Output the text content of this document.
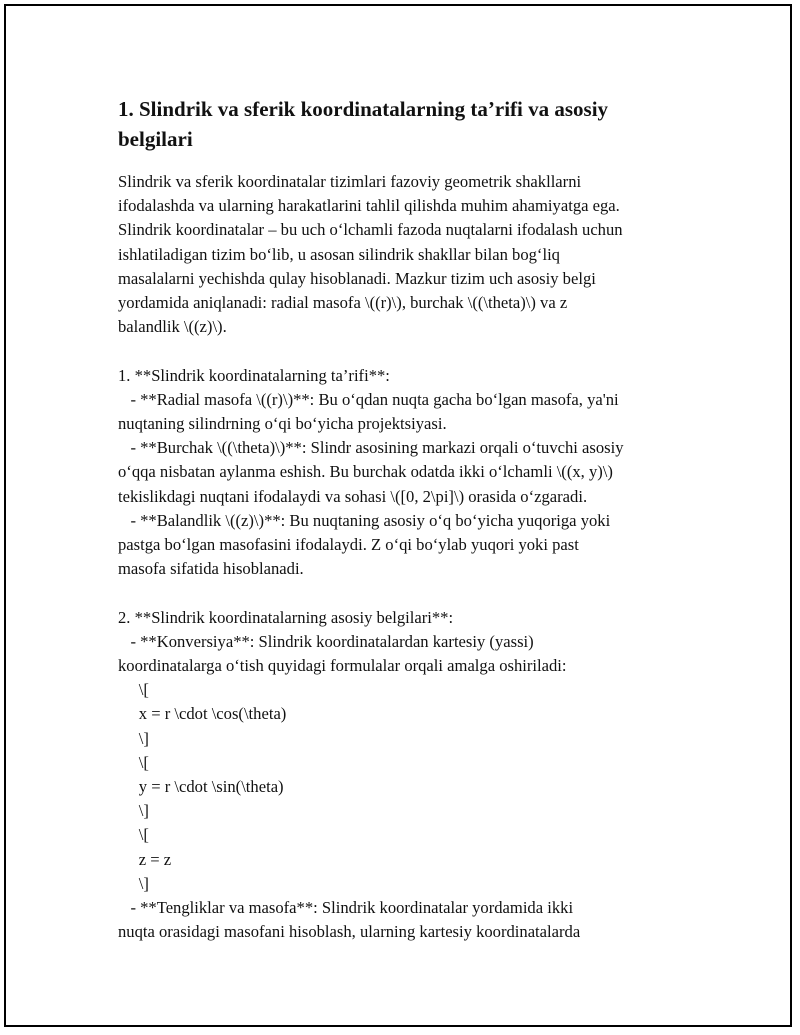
1. Slindrik va sferik koordinatalarning ta’rifi va asosiy
belgilari
Slindrik va sferik koordinatalar tizimlari fazoviy geometrik shakllarni
ifodalashda va ularning harakatlarini tahlil qilishda muhim ahamiyatga ega.
Slindrik koordinatalar – bu uch o‘lchamli fazoda nuqtalarni ifodalash uchun
ishlatiladigan tizim bo‘lib, u asosan silindrik shakllar bilan bog‘liq
masalalarni yechishda qulay hisoblanadi. Mazkur tizim uch asosiy belgi
yordamida aniqlanadi: radial masofa \((r)\), burchak \((\theta)\) va z
balandlik \((z)\).
1. **Slindrik koordinatalarning ta’rifi**:
- **Radial masofa \((r)\)**: Bu o‘qdan nuqta gacha bo‘lgan masofa, ya'ni
nuqtaning silindrning o‘qi bo‘yicha projektsiyasi.
- **Burchak \((\theta)\)**: Slindr asosining markazi orqali o‘tuvchi asosiy
o‘qqa nisbatan aylanma eshish. Bu burchak odatda ikki o‘lchamli \((x, y)\)
tekislikdagi nuqtani ifodalaydi va sohasi \([0, 2\pi]\) orasida o‘zgaradi.
- **Balandlik \((z)\)**: Bu nuqtaning asosiy o‘q bo‘yicha yuqoriga yoki
pastga bo‘lgan masofasini ifodalaydi. Z o‘qi bo‘ylab yuqori yoki past
masofa sifatida hisoblanadi.
2. **Slindrik koordinatalarning asosiy belgilari**:
- **Konversiya**: Slindrik koordinatalardan kartesiy (yassi)
koordinatalarga o‘tish quyidagi formulalar orqali amalga oshiriladi:
\[
x = r \cdot \cos(\theta)
\]
\[
y = r \cdot \sin(\theta)
\]
\[
z = z
\]
- **Tengliklar va masofa**: Slindrik koordinatalar yordamida ikki
nuqta orasidagi masofani hisoblash, ularning kartesiy koordinatalarda
